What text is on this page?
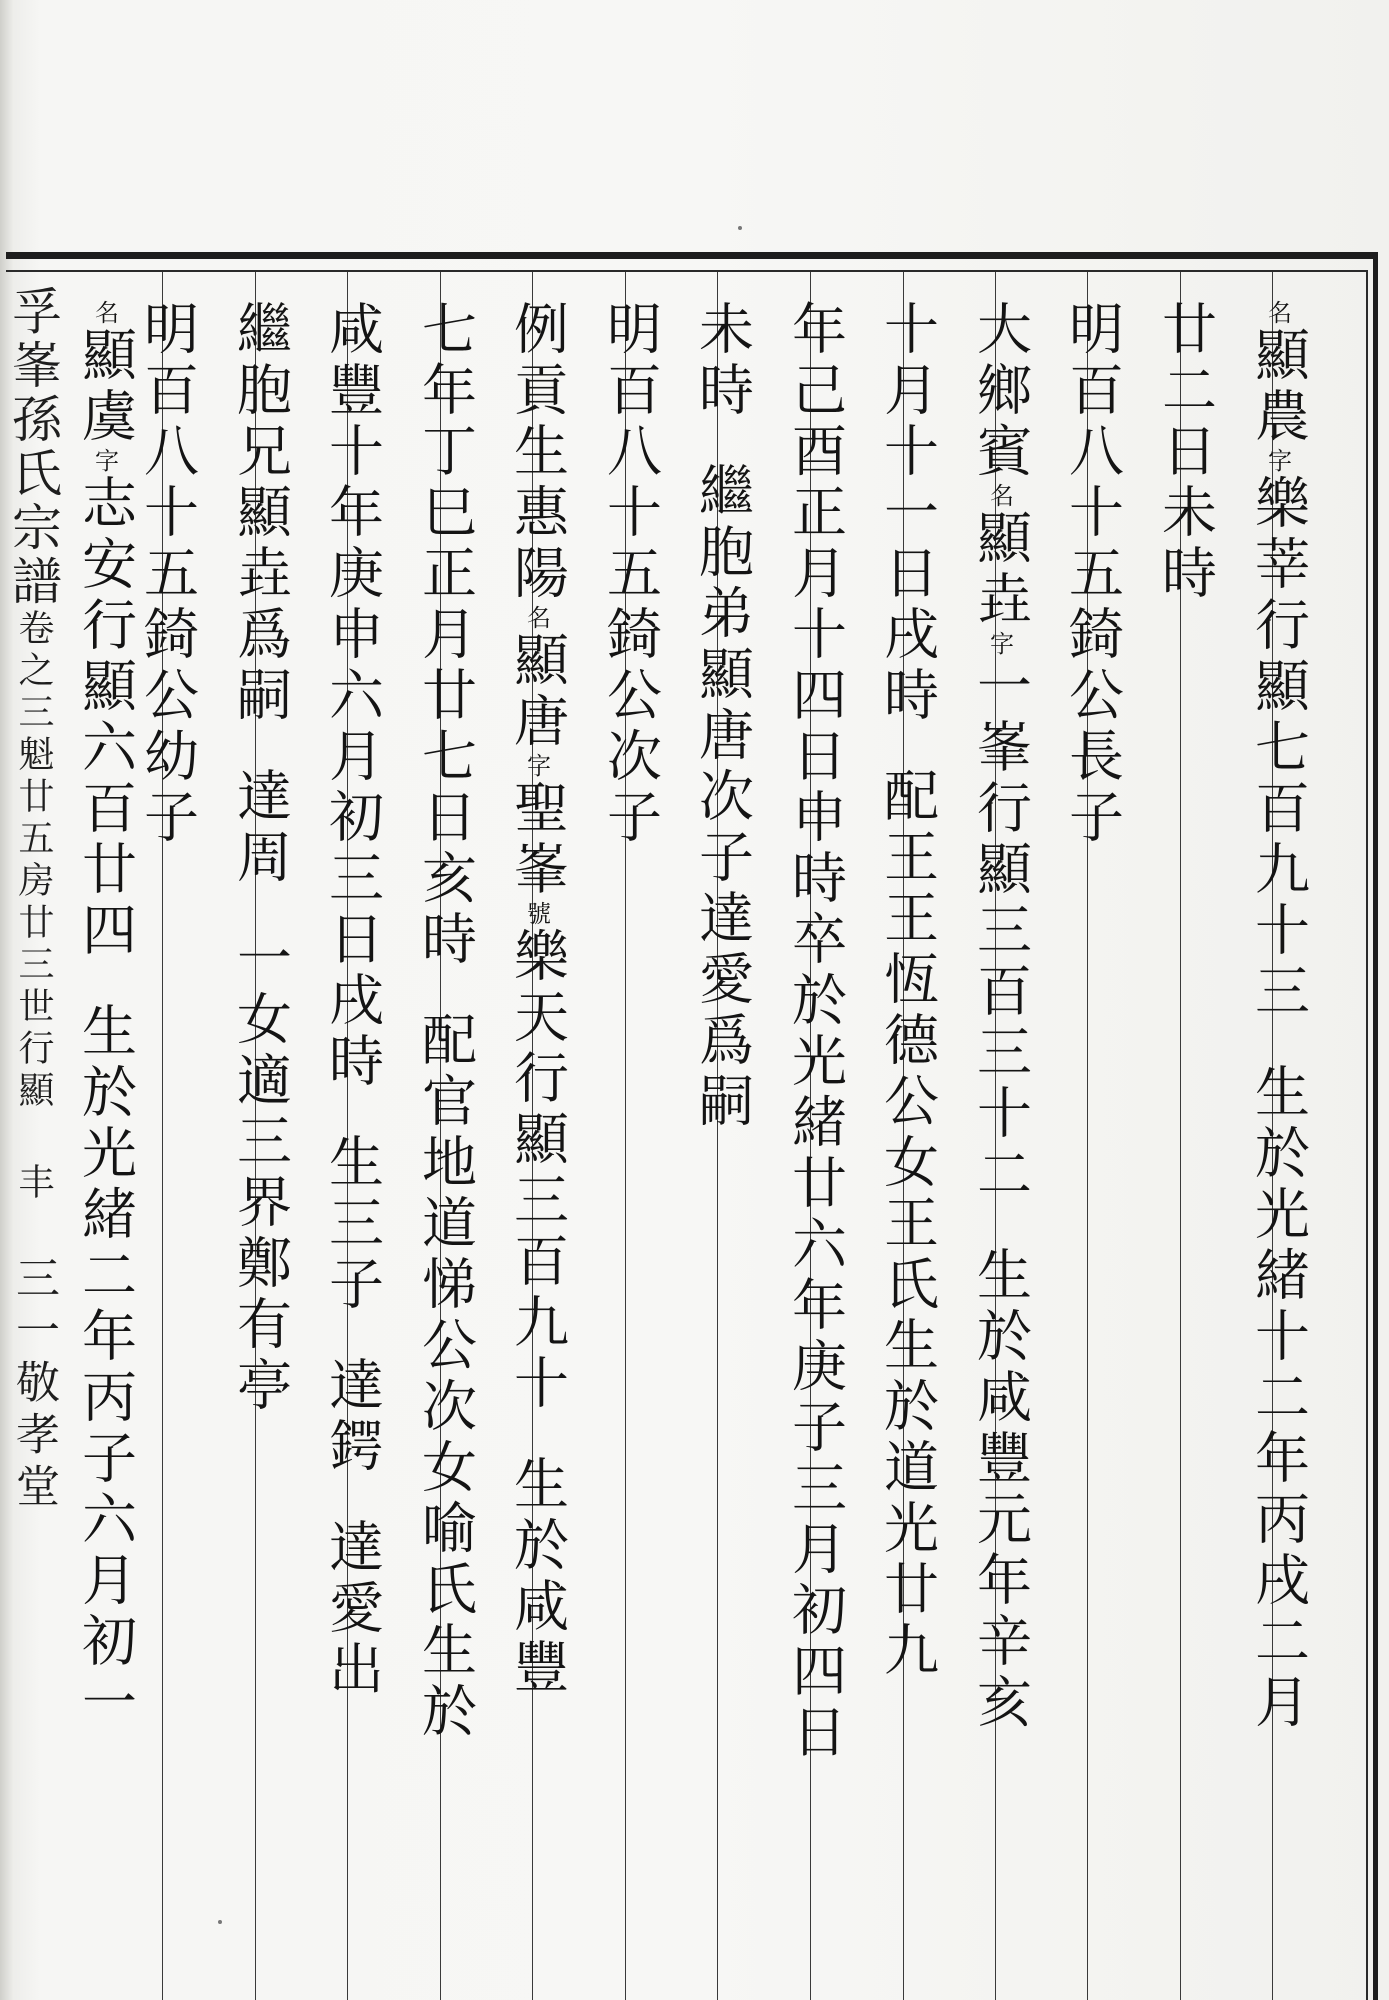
名
顯農
字
樂莘行顯七百九十三
生於光緒十二年丙戌二月
廿二日未時
明百八十五錡公長子
大鄉賓
名
顯垚
字
一峯行顯三百三十二
生於咸豐元年辛亥
十月十一日戌時
配王王恆德公女王氏生於道光廿九
年己酉正月十四日申時卒於光緒廿六年庚子三月初四日
未時
繼胞弟顯唐次子達愛爲嗣
明百八十五錡公次子
例貢生惠陽
名
顯唐
字
聖峯
號
樂天行顯三百九十
生於咸豐
七年丁巳正月廿七日亥時
配官地道悌公次女喻氏生於
咸豐十年庚申六月初三日戌時
生三子
達鍔
達愛出
繼胞兄顯垚爲嗣
達周
一女適三界鄭有亭
明百八十五錡公幼子
名
顯虞
字
志安行顯六百廿四
生於光緒二年丙子六月初一
孚峯孫氏宗譜
卷之三
魁廿五房廿三世行顯
丰
三一敬孝堂
